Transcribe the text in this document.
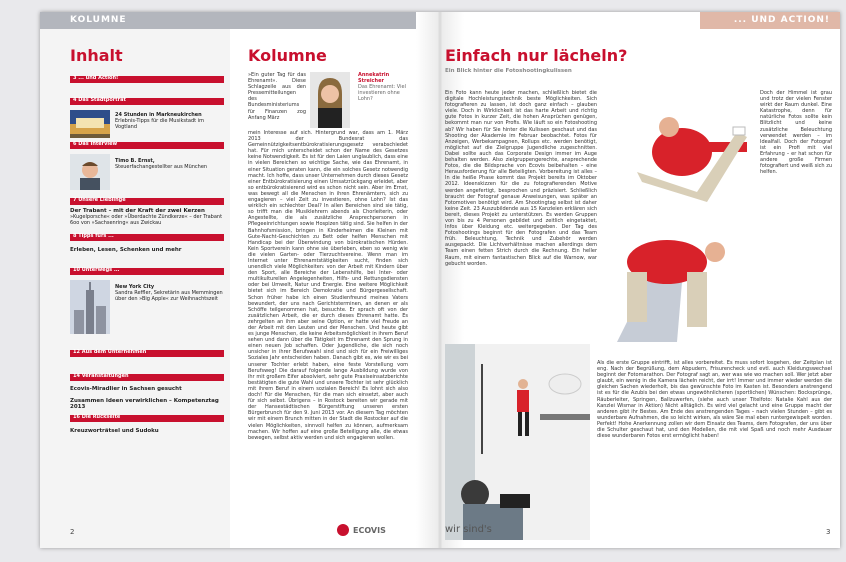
KOLUMNE	... UND ACTION!
Inhalt
3 ... und Action!
4 Das Stadtporträt
24 Stunden in Markneukirchen
Erlebnis-Tipps für die Musikstadt im Vogtland
6 Das Interview
Timo B. Ernst,
Steuerfachangestellter aus München
7 Unsere Lieblinge
Der Trabant – mit der Kraft der zwei Kerzen
»Kugelporsche« oder »Überdachte Zündkerze« – der Trabant 6oo von »Sachsenring« aus Zwickau
8 Tipps fürs ...
Erleben, Lesen, Schenken und mehr
10 Unterwegs ...
New York City
Sandra Reffler, Sekretärin aus Memmingen über den »Big Apple« zur Weihnachtszeit
12 Aus dem Unternehmen
14 Veranstaltungen
Ecovis-Miradlier in Sachsen gesucht

Zusammen Ideen verwirklichen – Kompetenztag 2013
16 Die Rückseite
Kreuzworträtsel und Sudoku
2
Kolumne
»Ein guter Tag für das Ehrenamt«. Diese Schlagzeile aus den Pressemitteilungen des Bundesministeriums für Finanzen zog Anfang März
Annekatrin Streicher
Das Ehrenamt: Viel investieren ohne Lohn?
mein Interesse auf sich. Hintergrund war, dass am 1. März 2013 der Bundesrat das Gemeinnützigkeitsentbürokratisierungsgesetz verabschiedet hat. Für mich unterscheidet schon der Name des Gesetzes keine Notwendigkeit. Es ist für den Laien unglaublich, dass eine in vielen Bereichen so wichtige Sache, wie das Ehrenamt, in einer Situation geraten kann, die ein solches Gesetz notwendig macht. Ich hoffe, dass unser Unternehmen durch dieses Gesetz einer Entbürokratisierung einen Umsatzrückgang erleidet, aber so entbürokratisierend wird es schon nicht sein. Aber im Ernst, was bewegt all die Menschen in ihren Ehrenämtern, sich zu engagieren – viel Zeit zu investieren, ohne Lohn? Ist das wirklich ein schlechter Deal? In allen Bereichen sind sie tätig, so trifft man die Musiklehrern abends als Chorleiterin, oder Angestellte, die als zusätzliche Ansprechpersonen in Pflegeeinrichtungen sowie Hospizen tätig sind. Sie helfen in der Bahnhofsmission, bringen in Kinderheimen die Kleinen mit Gute-Nacht-Geschichten zu Bett oder helfen Menschen mit Handicap bei der Überwindung von bürokratischen Hürden. Kein Sportverein kann ohne sie überleben, eben so wenig wie die vielen Garten- oder Tierzuchtvereine. Wenn man im Internet unter Ehrenamtstätigkeiten sucht, finden sich unendlich viele Möglichkeiten: von der Arbeit mit Kindern über den Sport, alle Bereiche der Lebenshilfe, bei Inter- oder multikulturellen Angelegenheiten, Hilfs- und Rettungsdiensten oder bei Umwelt, Natur und Energie. Eine weitere Möglichkeit bietet sich im Bereich Demokratie und Bürgergesellschaft. Schon früher habe ich einen Studienfreund meines Vaters bewundert, der uns nach Gerichtsterminen, an denen er als Schöffe teilgenommen hat, besuchte. Er sprach oft von der zusätzlichen Arbeit, die er durch dieses Ehrenamt hatte. Es zehrgelten an ihm aber seine Option, er hatte viel Freude an der Arbeit mit den Leuten und der Menschen. Und heute gibt es junge Menschen, die keine Arbeitsmöglichkeit in ihrem Beruf sehen und dann über die Tätigkeit im Ehrenamt den Sprung in einen neuen Job schaffen. Oder Jugendliche, die sich noch unsicher in ihrer Berufswahl sind und sich für ein Freiwilliges Soziales Jahr entscheiden haben. Danach gibt es, wie wir es bei unserer Tochter erlebt haben, eine feste Vorstellung vom Berufsweg! Die darauf folgende lange Ausbildung wurde von ihr mit großem Eifer absolviert, sehr gute Praxiseinsatzberichte bestätigten die gute Wahl und unsere Tochter ist sehr glücklich mit ihrem Beruf in einem sozialen Bereich! Es lohnt sich also doch! Für die Menschen, für die man sich einsetzt, aber auch für sich selbst. Übrigens – in Rostock bereiten wir gerade mit der Hansestädtischen Bürgerstiftung unseren ersten Bürgerbrunch für den 9. Juni 2013 vor. An diesem Tag möchten wir mit einem Brunch mitten in der Stadt die Rostocker auf die vielen Möglichkeiten, sinnvoll helfen zu können, aufmerksam machen. Wir hoffen auf eine große Beteiligung alle, die etwas bewegen, selbst aktiv werden und sich engagieren wollen.
ECOVIS
Einfach nur lächeln?
Ein Blick hinter die Fotoshootingkulissen
Ein Foto kann heute jeder machen, schließlich bietet die digitale Hochleistungstechnik beste Möglichkeiten. Sich fotografieren zu lassen, ist doch ganz einfach – glauben viele. Doch in Wirklichkeit ist das harte Arbeit und richtig gute Fotos in kurzer Zeit, die hohen Ansprüchen genügen, bekommt man nur von Profis. Wie läuft so ein Fotoshooting ab? Wir haben für Sie hinter die Kulissen geschaut und das Shooting der Akademie im Februar beobachtet. Fotos für Anzeigen, Werbekampagnen, Rollups etc. werden benötigt, möglichst auf die Zielgruppe Jugendliche zugeschnitten. Dabei sollte auch das Corporate Design immer im Auge behalten werden. Also zielgruppengerechte, ansprechende Fotos, die die Bildsprache von Ecovis beibehalten – eine Herausforderung für alle Beteiligten. Vorbereitung ist alles – In die heiße Phase kommt das Projekt bereits im Oktober 2012. Ideenskizzen für die zu fotografierenden Motive werden angefertigt, besprochen und präzisiert. Schließlich braucht der Fotograf genaue Anweisungen, was später an Fotomotiven benötigt wird. Am Shootingtag selbst ist daher keine Zeit. 23 Auszubildende aus 15 Kanzleien erklären sich bereit, dieses Projekt zu unterstützen. Es werden Gruppen von bis zu 4 Personen gebildet und zeitlich eingetaktet, Infos über Kleidung etc. weitergegeben. Der Tag des Fotoshootings beginnt für den Fotografen und das Team früh. Beleuchtung, Technik und Zubehör werden ausgepackt. Die Lichtverhältnisse machen allerdings dem Team einen fetten Strich durch die Rechnung. Ein heller Raum, mit einem fantastischen Blick auf die Warnow, war gebucht worden.
Doch der Himmel ist grau und trotz der vielen Fenster wirkt der Raum dunkel. Eine Katastrophe, denn für natürliche Fotos sollte kein Blitzlicht und keine zusätzliche Beleuchtung verwendet werden – im Idealfall. Doch der Fotograf ist ein Profi mit viel Erfahrung – er hat schon für andere große Firmen fotografiert und weiß sich zu helfen.
Als die erste Gruppe eintrifft, ist alles vorbereitet. Es muss sofort losgehen, der Zeitplan ist eng. Nach der Begrüßung, dem Abpudern, Frisurencheck und evtl. auch Kleidungswechsel beginnt der Fotomarathon. Der Fotograf sagt an, wer was wie wo machen soll. Wer jetzt aber glaubt, ein wenig in die Kamera lächeln reicht, der irrt! Immer und immer wieder werden die gleichen Sachen wiederholt, bis das gewünschte Foto im Kasten ist. Besonders anstrengend ist es für die Azubis bei den etwas ungewöhnlicheren (sportlichen) Wünschen: Bocksprünge, Räuberleiter, Springen, Ballzuwerfen, (siehe auch unser Titelfoto: Natalie Kahl aus der Kanzlei Wismar in Aktion) Nicht alltäglich. Es wird viel gelacht und eine Gruppe macht der anderen gibt ihr Bestes. Am Ende des anstrengenden Tages – nach vielen Stunden – gibt es wunderbare Aufnahmen, die so leicht wirken, als wäre Sie mal eben runtergewispelt worden. Perfekt! Hohe Anerkennung zollen wir dem Einsatz des Teams, dem Fotografen, der uns über die Schulter geschaut hat, und den Modellen, die mit viel Spaß und noch mehr Ausdauer diese wunderbaren Fotos erst ermöglicht haben!
wir sind's	3
